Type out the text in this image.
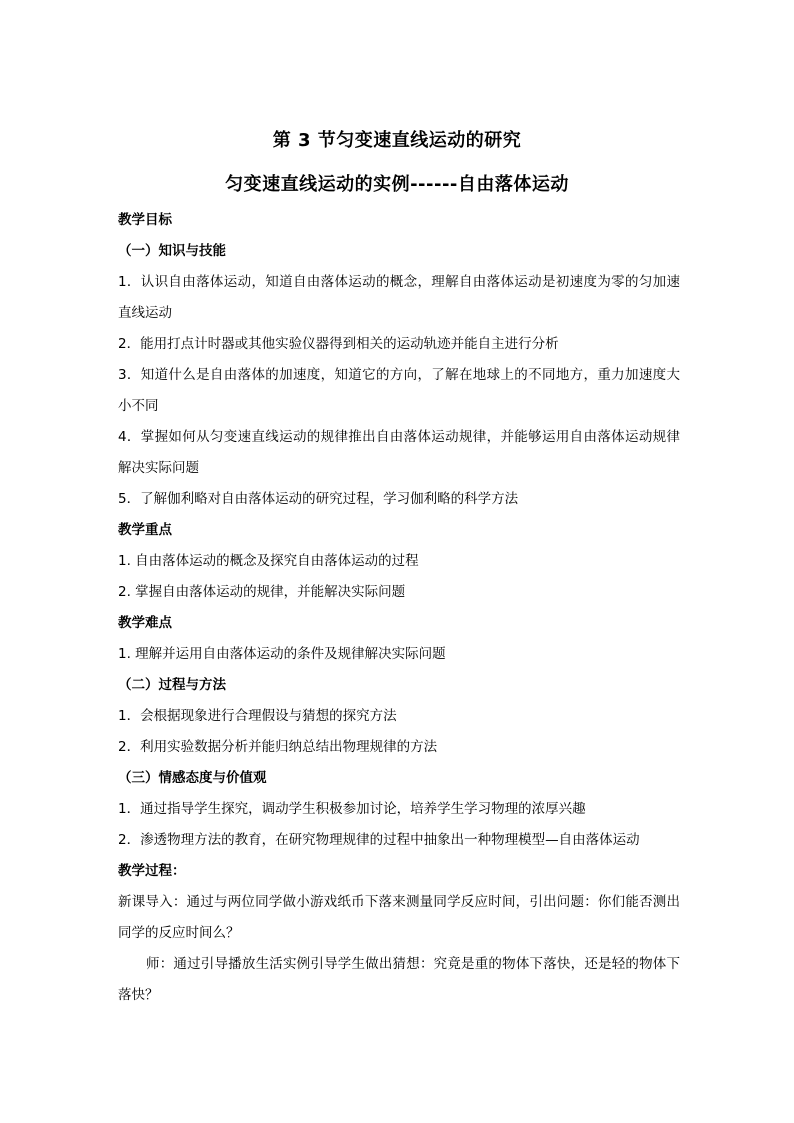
第 3 节匀变速直线运动的研究
匀变速直线运动的实例------自由落体运动

教学目标

（一）知识与技能

1．认识自由落体运动，知道自由落体运动的概念，理解自由落体运动是初速度为零的匀加速直线运动

2．能用打点计时器或其他实验仪器得到相关的运动轨迹并能自主进行分析

3．知道什么是自由落体的加速度，知道它的方向，了解在地球上的不同地方，重力加速度大小不同

4．掌握如何从匀变速直线运动的规律推出自由落体运动规律，并能够运用自由落体运动规律解决实际问题

5．了解伽利略对自由落体运动的研究过程，学习伽利略的科学方法

教学重点

1. 自由落体运动的概念及探究自由落体运动的过程

2. 掌握自由落体运动的规律，并能解决实际问题

教学难点

1. 理解并运用自由落体运动的条件及规律解决实际问题

（二）过程与方法

1．会根据现象进行合理假设与猜想的探究方法

2．利用实验数据分析并能归纳总结出物理规律的方法

（三）情感态度与价值观

1．通过指导学生探究，调动学生积极参加讨论，培养学生学习物理的浓厚兴趣

2．渗透物理方法的教育，在研究物理规律的过程中抽象出一种物理模型—自由落体运动

教学过程：

新课导入：通过与两位同学做小游戏纸币下落来测量同学反应时间，引出问题：你们能否测出同学的反应时间么？

师：通过引导播放生活实例引导学生做出猜想：究竟是重的物体下落快，还是轻的物体下落快？
